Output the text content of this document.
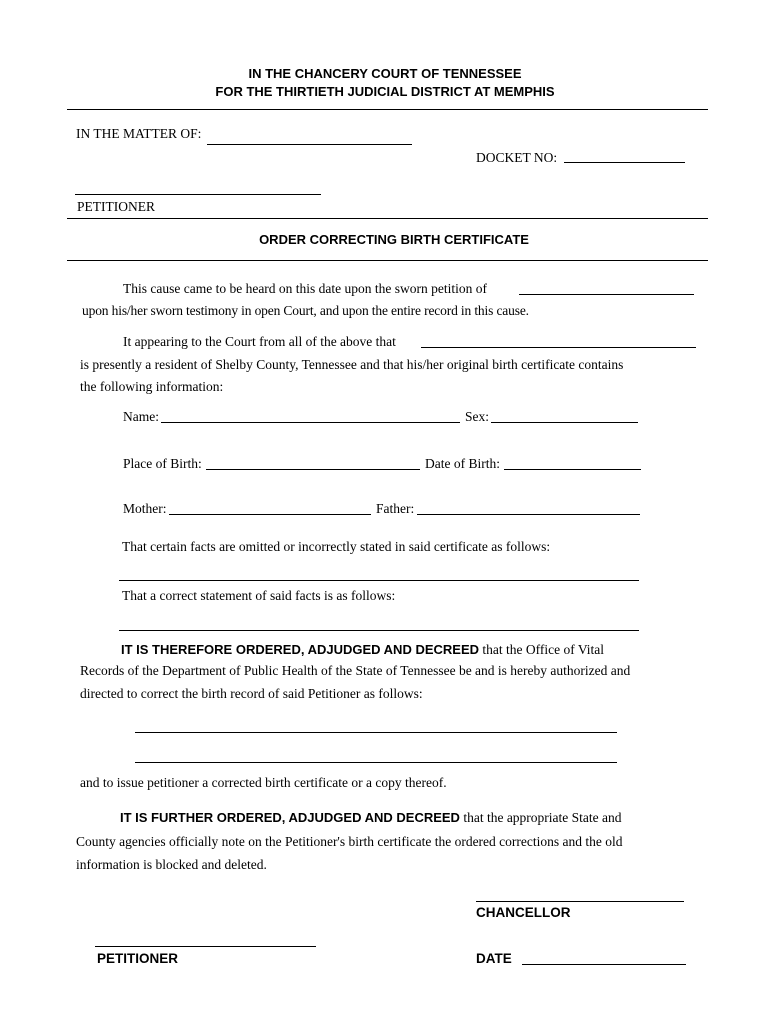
IN THE CHANCERY COURT OF TENNESSEE
FOR THE THIRTIETH JUDICIAL DISTRICT AT MEMPHIS
IN THE MATTER OF:
DOCKET NO:
PETITIONER
ORDER CORRECTING BIRTH CERTIFICATE
This cause came to be heard on this date upon the sworn petition of
upon his/her sworn testimony in open Court, and upon the entire record in this cause.
It appearing to the Court from all of the above that
is presently a resident of Shelby County, Tennessee and that his/her original birth certificate contains
the following information:
Name:	Sex:
Place of Birth:	Date of Birth:
Mother:	Father:
That certain facts are omitted or incorrectly stated in said certificate as follows:
That a correct statement of said facts is as follows:
IT IS THEREFORE ORDERED, ADJUDGED AND DECREED that the Office of Vital
Records of the Department of Public Health of the State of Tennessee be and is hereby authorized and
directed to correct the birth record of said Petitioner as follows:
and to issue petitioner a corrected birth certificate or a copy thereof.
IT IS FURTHER ORDERED, ADJUDGED AND DECREED that the appropriate State and
County agencies officially note on the Petitioner's birth certificate the ordered corrections and the old
information is blocked and deleted.
CHANCELLOR
PETITIONER	DATE
